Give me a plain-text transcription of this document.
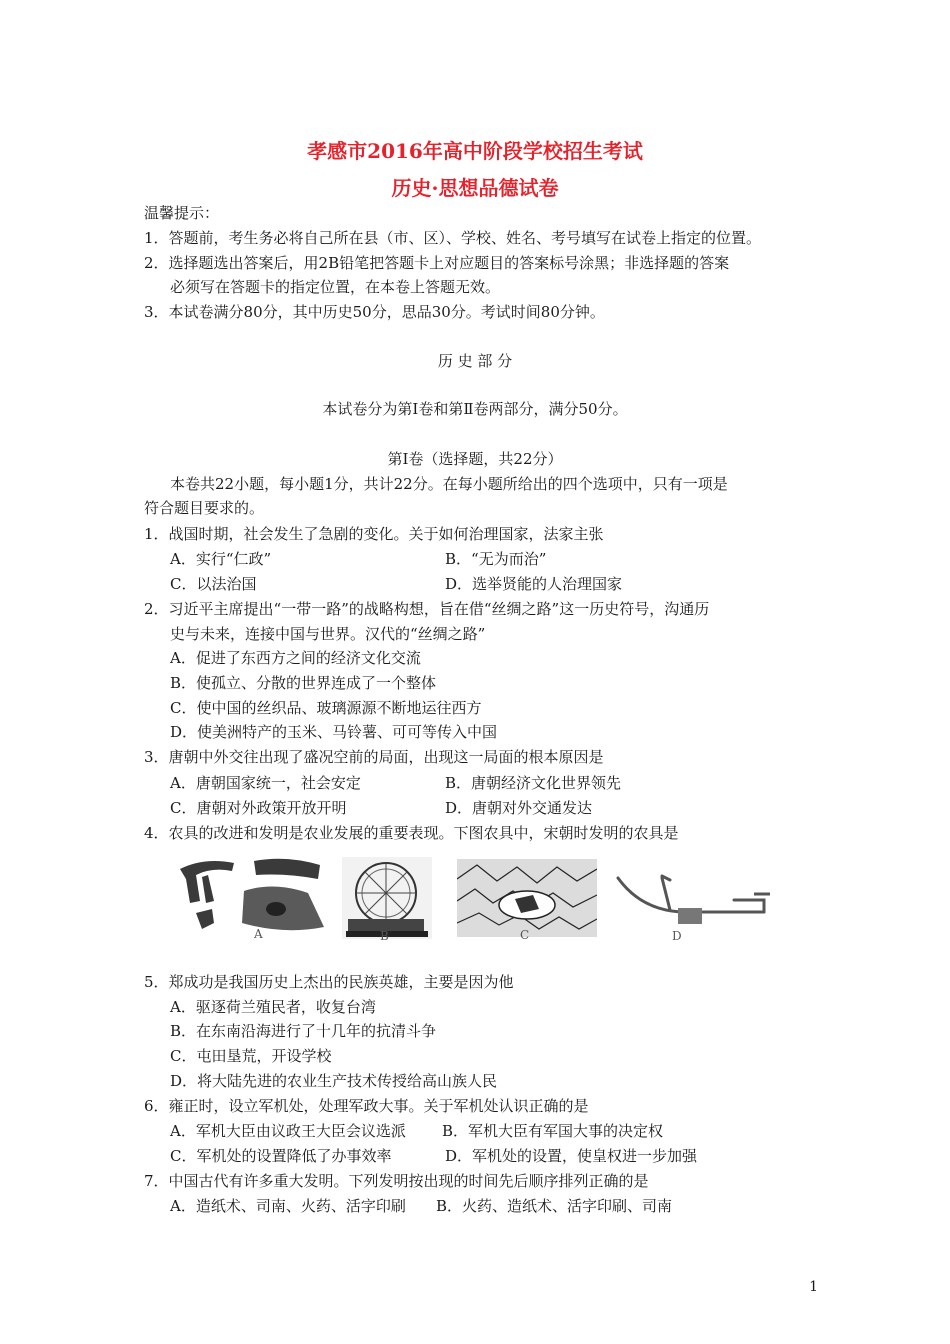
孝感市2016年高中阶段学校招生考试
历史·思想品德试卷
温馨提示：
1．答题前，考生务必将自己所在县（市、区）、学校、姓名、考号填写在试卷上指定的位置。
2．选择题选出答案后，用2B铅笔把答题卡上对应题目的答案标号涂黑；非选择题的答案
必须写在答题卡的指定位置，在本卷上答题无效。
3．本试卷满分80分，其中历史50分，思品30分。考试时间80分钟。
历 史 部 分
本试卷分为第Ⅰ卷和第Ⅱ卷两部分，满分50分。
第Ⅰ卷（选择题，共22分）
本卷共22小题，每小题1分，共计22分。在每小题所给出的四个选项中，只有一项是
符合题目要求的。
1．战国时期，社会发生了急剧的变化。关于如何治理国家，法家主张
A．实行“仁政”	B．“无为而治”
C．以法治国	D．选举贤能的人治理国家
2．习近平主席提出“一带一路”的战略构想，旨在借“丝绸之路”这一历史符号，沟通历
史与未来，连接中国与世界。汉代的“丝绸之路”
A．促进了东西方之间的经济文化交流
B．使孤立、分散的世界连成了一个整体
C．使中国的丝织品、玻璃源源不断地运往西方
D．使美洲特产的玉米、马铃薯、可可等传入中国
3．唐朝中外交往出现了盛况空前的局面，出现这一局面的根本原因是
A．唐朝国家统一，社会安定	B．唐朝经济文化世界领先
C．唐朝对外政策开放开明	D．唐朝对外交通发达
4．农具的改进和发明是农业发展的重要表现。下图农具中，宋朝时发明的农具是
A	B	C	D
5．郑成功是我国历史上杰出的民族英雄，主要是因为他
A．驱逐荷兰殖民者，收复台湾
B．在东南沿海进行了十几年的抗清斗争
C．屯田垦荒，开设学校
D．将大陆先进的农业生产技术传授给高山族人民
6．雍正时，设立军机处，处理军政大事。关于军机处认识正确的是
A．军机大臣由议政王大臣会议选派 B．军机大臣有军国大事的决定权
C．军机处的设置降低了办事效率	D．军机处的设置，使皇权进一步加强
7．中国古代有许多重大发明。下列发明按出现的时间先后顺序排列正确的是
A．造纸术、司南、火药、活字印刷 B．火药、造纸术、活字印刷、司南
1
